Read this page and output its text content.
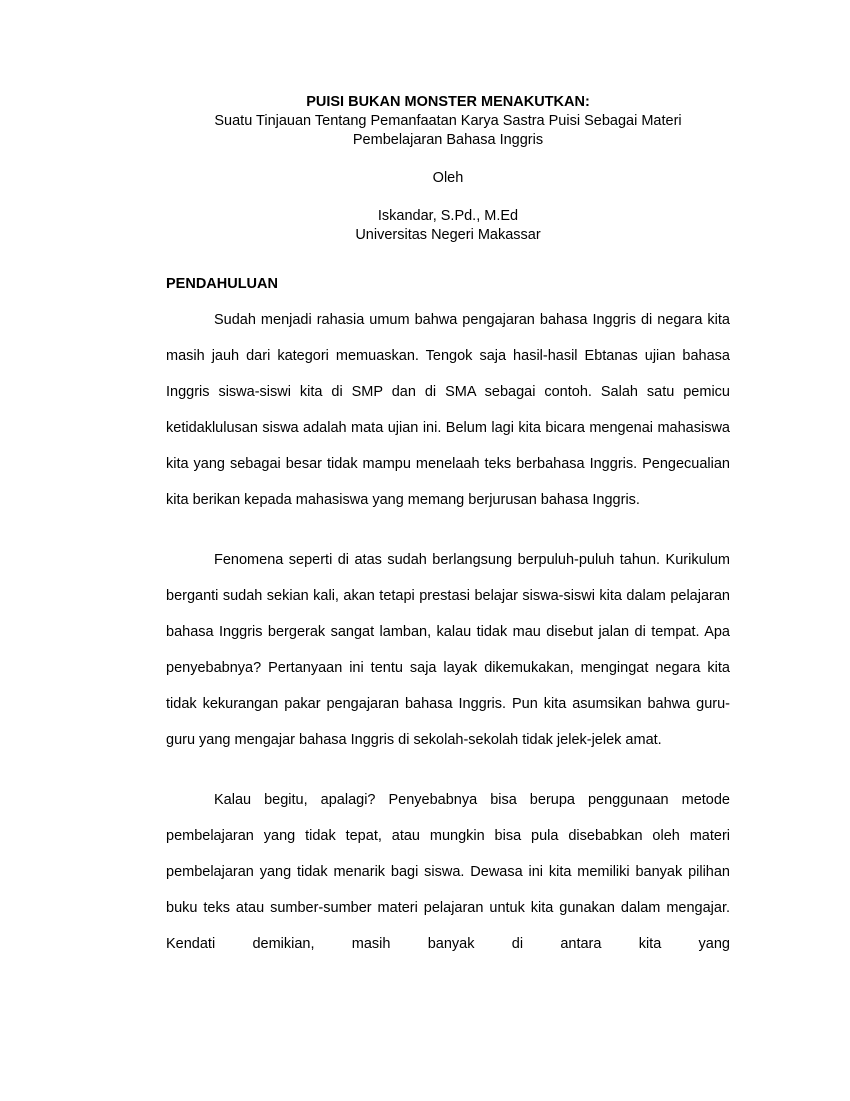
PUISI BUKAN MONSTER MENAKUTKAN:

Suatu Tinjauan Tentang Pemanfaatan Karya Sastra Puisi Sebagai Materi

Pembelajaran Bahasa Inggris

Oleh

Iskandar, S.Pd., M.Ed

Universitas Negeri Makassar

PENDAHULUAN

Sudah menjadi rahasia umum bahwa pengajaran bahasa Inggris di negara kita masih jauh dari kategori memuaskan. Tengok saja hasil-hasil Ebtanas ujian bahasa Inggris siswa-siswi kita di SMP dan di SMA sebagai contoh. Salah satu pemicu ketidaklulusan siswa adalah mata ujian ini. Belum lagi kita bicara mengenai mahasiswa kita yang sebagai besar tidak mampu menelaah teks berbahasa Inggris. Pengecualian kita berikan kepada mahasiswa yang memang berjurusan bahasa Inggris.

Fenomena seperti di atas sudah berlangsung berpuluh-puluh tahun. Kurikulum berganti sudah sekian kali, akan tetapi prestasi belajar siswa-siswi kita dalam pelajaran bahasa Inggris bergerak sangat lamban, kalau tidak mau disebut jalan di tempat. Apa penyebabnya? Pertanyaan ini tentu saja layak dikemukakan, mengingat negara kita tidak kekurangan pakar pengajaran bahasa Inggris. Pun kita asumsikan bahwa guru-guru yang mengajar bahasa Inggris di sekolah-sekolah tidak jelek-jelek amat.

Kalau begitu, apalagi? Penyebabnya bisa berupa penggunaan metode pembelajaran yang tidak tepat, atau mungkin bisa pula disebabkan oleh materi pembelajaran yang tidak menarik bagi siswa. Dewasa ini kita memiliki banyak pilihan buku teks atau sumber-sumber materi pelajaran untuk kita gunakan dalam mengajar. Kendati demikian, masih banyak di antara kita yang
